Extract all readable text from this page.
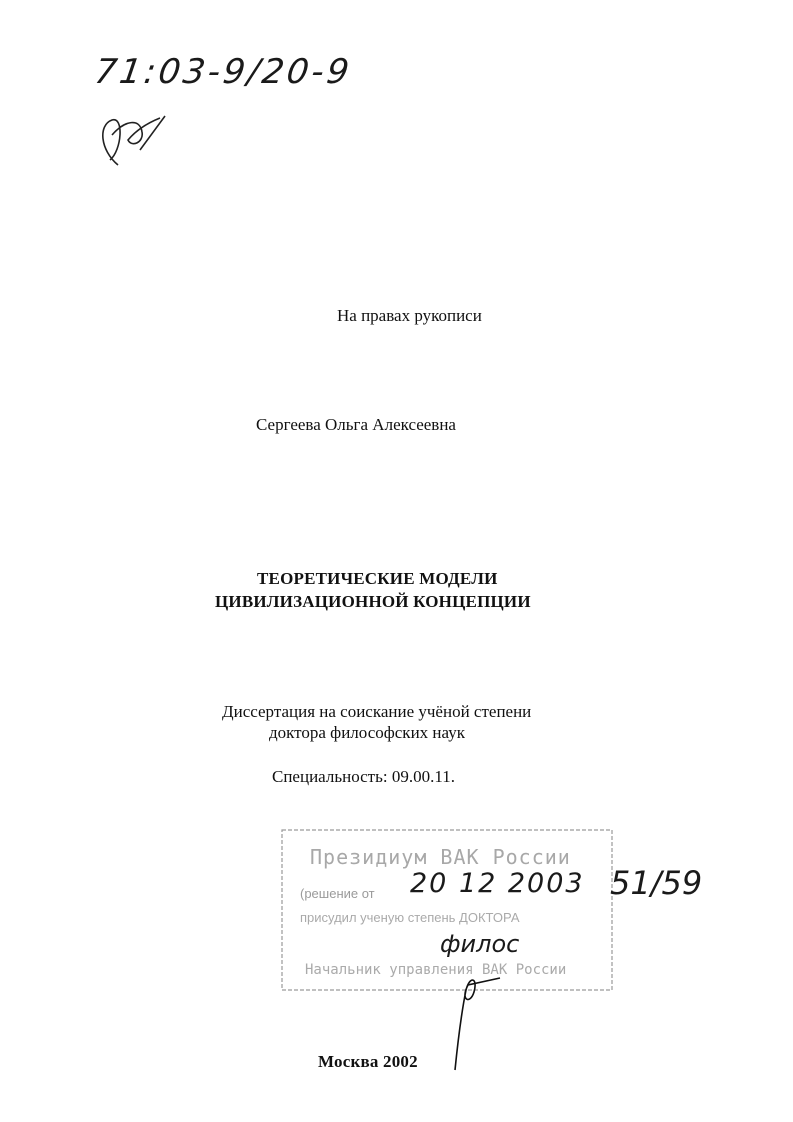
71:03-9/20-9
На правах рукописи
Сергеева Ольга Алексеевна
ТЕОРЕТИЧЕСКИЕ МОДЕЛИ
ЦИВИЛИЗАЦИОННОЙ КОНЦЕПЦИИ
Диссертация на соискание учёной степени
доктора философских наук
Специальность: 09.00.11.
Президиум ВАК России
(решение от 20 12 2003 51/59
присудил ученую степень ДОКТОРА
филос
Начальник управления ВАК России
Москва 2002
